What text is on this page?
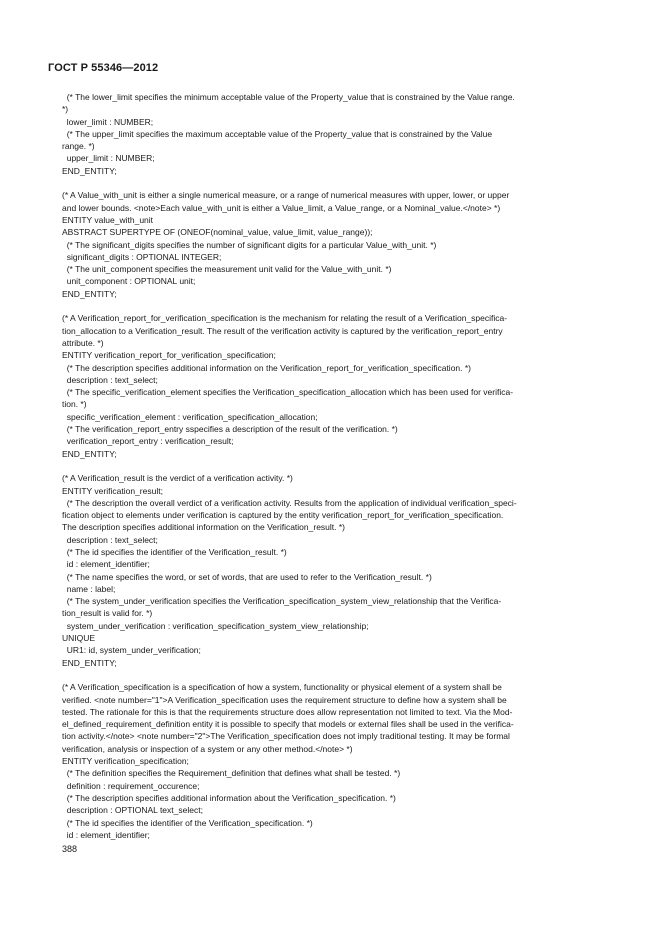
ГОСТ Р 55346—2012
(* The lower_limit specifies the minimum acceptable value of the Property_value that is constrained by the Value range.
*)
lower_limit : NUMBER;
(* The upper_limit specifies the maximum acceptable value of the Property_value that is constrained by the Value
range. *)
upper_limit : NUMBER;
END_ENTITY;
(* A Value_with_unit is either a single numerical measure, or a range of numerical measures with upper, lower, or upper
and lower bounds. <note>Each value_with_unit is either a Value_limit, a Value_range, or a Nominal_value.</note> *)
ENTITY value_with_unit
ABSTRACT SUPERTYPE OF (ONEOF(nominal_value, value_limit, value_range));
(* The significant_digits specifies the number of significant digits for a particular Value_with_unit. *)
significant_digits : OPTIONAL INTEGER;
(* The unit_component specifies the measurement unit valid for the Value_with_unit. *)
unit_component : OPTIONAL unit;
END_ENTITY;
(* A Verification_report_for_verification_specification is the mechanism for relating the result of a Verification_specifica-
tion_allocation to a Verification_result. The result of the verification activity is captured by the verification_report_entry
attribute. *)
ENTITY verification_report_for_verification_specification;
(* The description specifies additional information on the Verification_report_for_verification_specification. *)
description : text_select;
(* The specific_verification_element specifies the Verification_specification_allocation which has been used for verifica-
tion. *)
specific_verification_element : verification_specification_allocation;
(* The verification_report_entry sspecifies a description of the result of the verification. *)
verification_report_entry : verification_result;
END_ENTITY;
(* A Verification_result is the verdict of a verification activity. *)
ENTITY verification_result;
(* The description the overall verdict of a verification activity. Results from the application of individual verification_speci-
fication object to elements under verification is captured by the entity verification_report_for_verification_specification.
The description specifies additional information on the Verification_result. *)
description : text_select;
(* The id specifies the identifier of the Verification_result. *)
id : element_identifier;
(* The name specifies the word, or set of words, that are used to refer to the Verification_result. *)
name : label;
(* The system_under_verification specifies the Verification_specification_system_view_relationship that the Verifica-
tion_result is valid for. *)
system_under_verification : verification_specification_system_view_relationship;
UNIQUE
UR1: id, system_under_verification;
END_ENTITY;
(* A Verification_specification is a specification of how a system, functionality or physical element of a system shall be
verified. <note number="1">A Verification_specification uses the requirement structure to define how a system shall be
tested. The rationale for this is that the requirements structure does allow representation not limited to text. Via the Mod-
el_defined_requirement_definition entity it is possible to specify that models or external files shall be used in the verifica-
tion activity.</note> <note number="2">The Verification_specification does not imply traditional testing. It may be formal
verification, analysis or inspection of a system or any other method.</note> *)
ENTITY verification_specification;
(* The definition specifies the Requirement_definition that defines what shall be tested. *)
definition : requirement_occurence;
(* The description specifies additional information about the Verification_specification. *)
description : OPTIONAL text_select;
(* The id specifies the identifier of the Verification_specification. *)
id : element_identifier;
388
